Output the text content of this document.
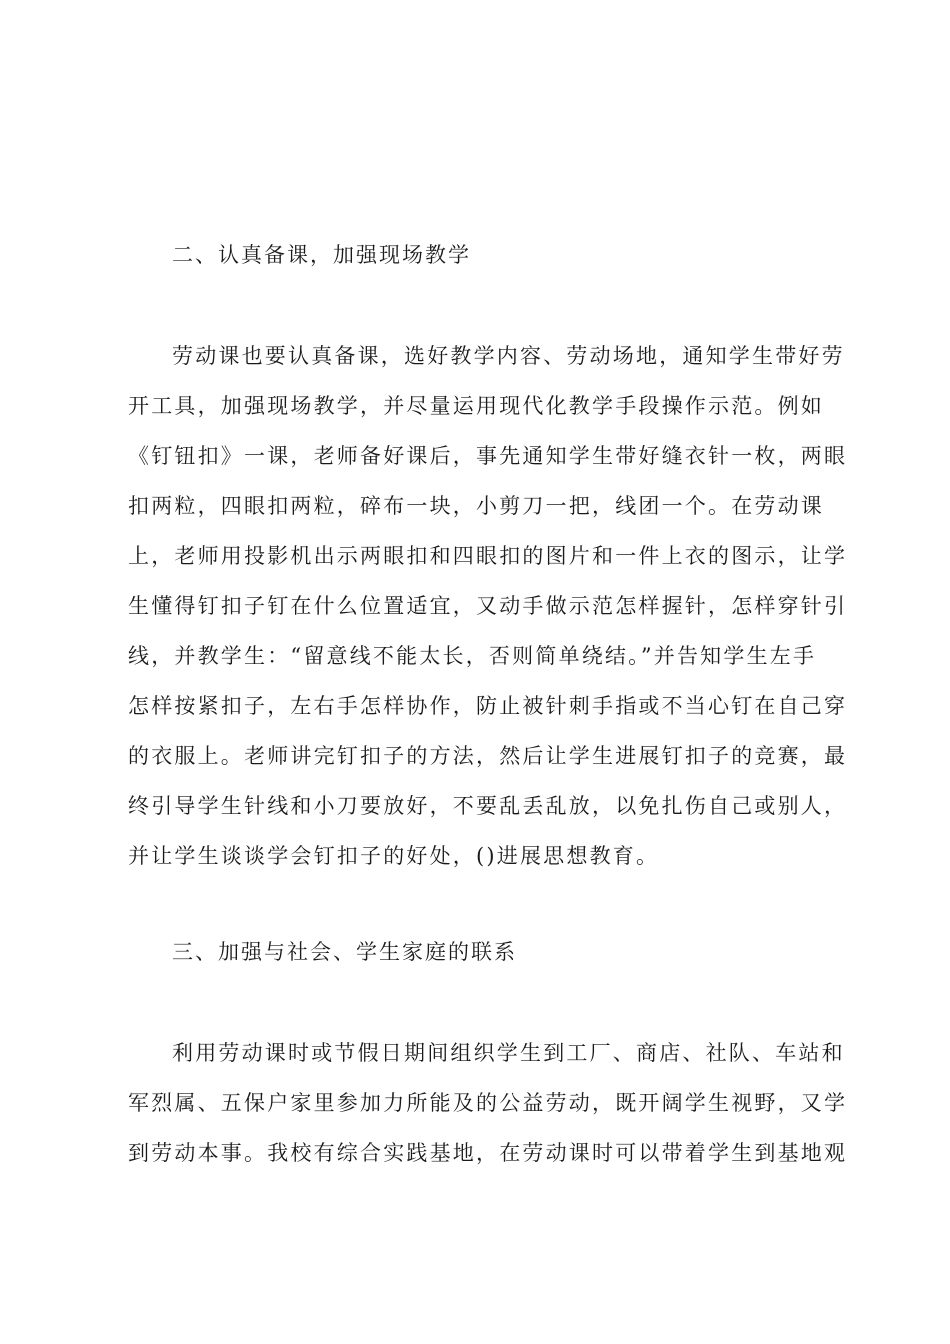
二、认真备课，加强现场教学
劳动课也要认真备课，选好教学内容、劳动场地，通知学生带好劳
开工具，加强现场教学，并尽量运用现代化教学手段操作示范。例如
《钉钮扣》一课，老师备好课后，事先通知学生带好缝衣针一枚，两眼
扣两粒，四眼扣两粒，碎布一块，小剪刀一把，线团一个。在劳动课
上，老师用投影机出示两眼扣和四眼扣的图片和一件上衣的图示，让学
生懂得钉扣子钉在什么位置适宜，又动手做示范怎样握针，怎样穿针引
线，并教学生：“留意线不能太长，否则简单绕结。”并告知学生左手
怎样按紧扣子，左右手怎样协作，防止被针刺手指或不当心钉在自己穿
的衣服上。老师讲完钉扣子的方法，然后让学生进展钉扣子的竞赛，最
终引导学生针线和小刀要放好，不要乱丢乱放，以免扎伤自己或别人，
并让学生谈谈学会钉扣子的好处，()进展思想教育。
三、加强与社会、学生家庭的联系
利用劳动课时或节假日期间组织学生到工厂、商店、社队、车站和
军烈属、五保户家里参加力所能及的公益劳动，既开阔学生视野，又学
到劳动本事。我校有综合实践基地，在劳动课时可以带着学生到基地观
